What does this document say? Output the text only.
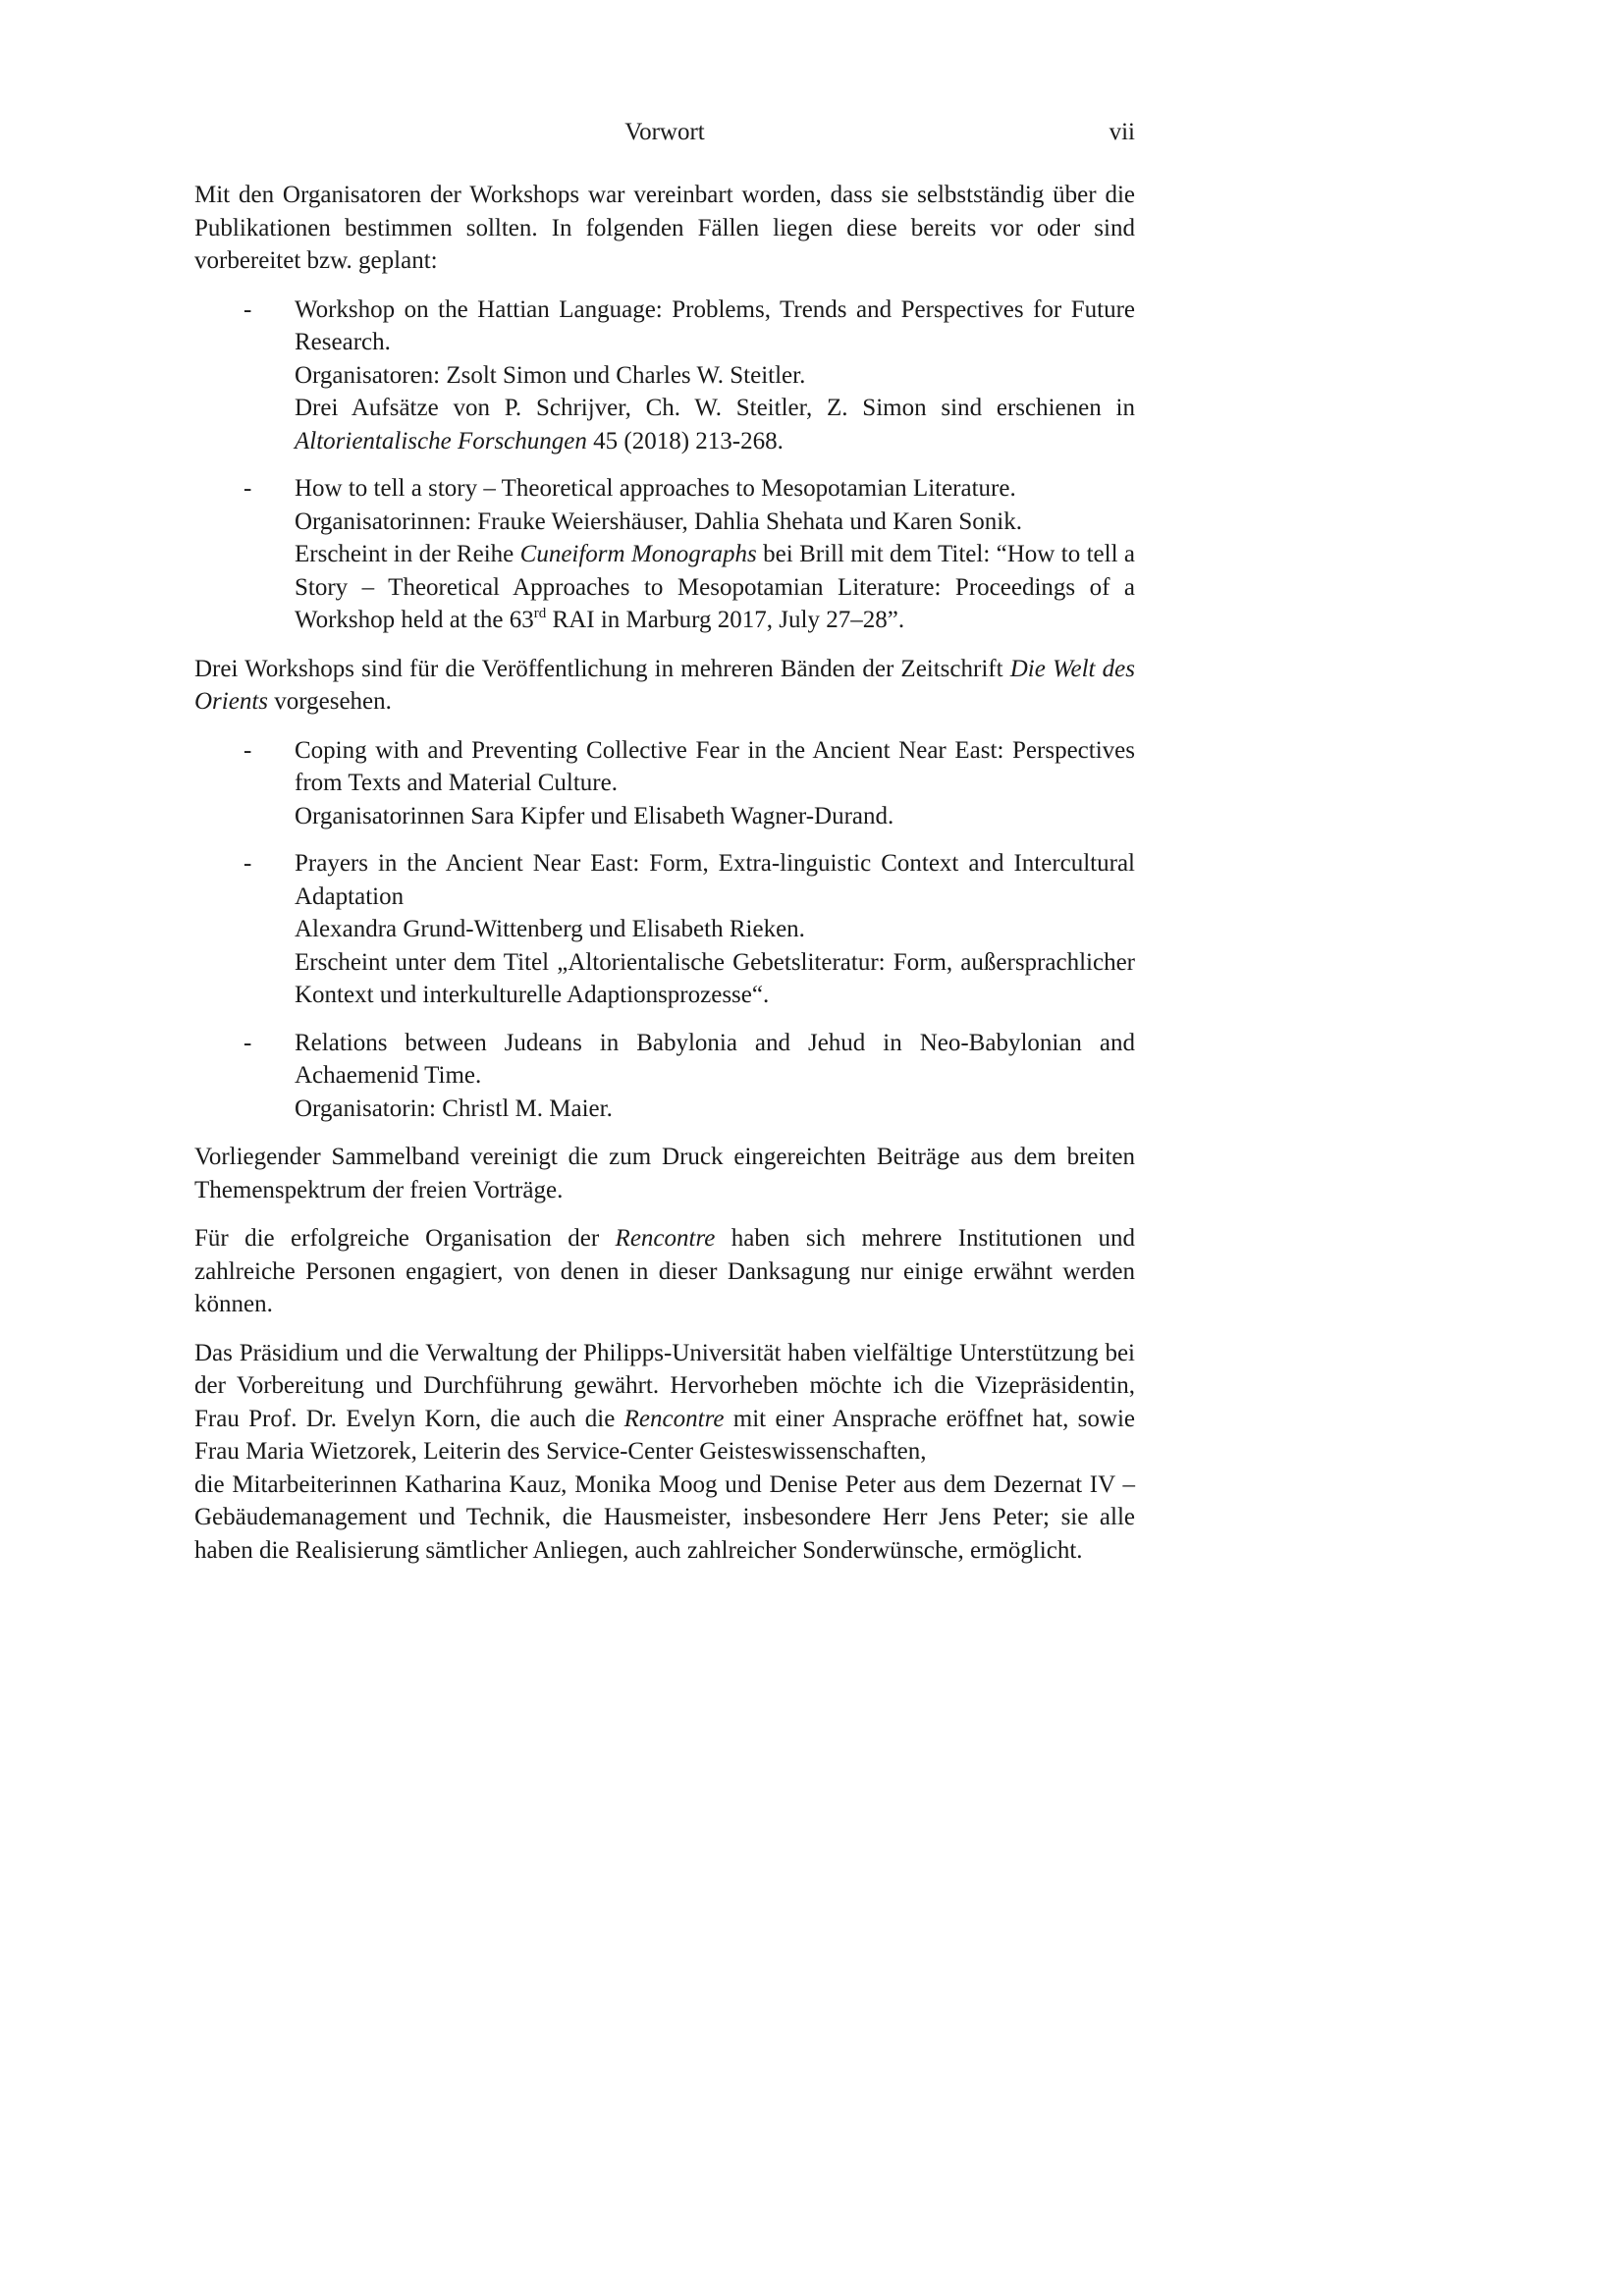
Vorwort	vii

Mit den Organisatoren der Workshops war vereinbart worden, dass sie selbstständig über die Publikationen bestimmen sollten. In folgenden Fällen liegen diese bereits vor oder sind vorbereitet bzw. geplant:

- Workshop on the Hattian Language: Problems, Trends and Perspectives for Future Research.
Organisatoren: Zsolt Simon und Charles W. Steitler.
Drei Aufsätze von P. Schrijver, Ch. W. Steitler, Z. Simon sind erschienen in Altorientalische Forschungen 45 (2018) 213-268.
- How to tell a story – Theoretical approaches to Mesopotamian Literature.
Organisatorinnen: Frauke Weiershäuser, Dahlia Shehata und Karen Sonik.
Erscheint in der Reihe Cuneiform Monographs bei Brill mit dem Titel: “How to tell a Story – Theoretical Approaches to Mesopotamian Literature: Proceedings of a Workshop held at the 63rd RAI in Marburg 2017, July 27–28”.

Drei Workshops sind für die Veröffentlichung in mehreren Bänden der Zeitschrift Die Welt des Orients vorgesehen.

- Coping with and Preventing Collective Fear in the Ancient Near East: Perspectives from Texts and Material Culture.
Organisatorinnen Sara Kipfer und Elisabeth Wagner-Durand.
- Prayers in the Ancient Near East: Form, Extra-linguistic Context and Intercultural Adaptation
Alexandra Grund-Wittenberg und Elisabeth Rieken.
Erscheint unter dem Titel „Altorientalische Gebetsliteratur: Form, außersprachlicher Kontext und interkulturelle Adaptionsprozesse“.
- Relations between Judeans in Babylonia and Jehud in Neo-Babylonian and Achaemenid Time.
Organisatorin: Christl M. Maier.

Vorliegender Sammelband vereinigt die zum Druck eingereichten Beiträge aus dem breiten Themenspektrum der freien Vorträge.

Für die erfolgreiche Organisation der Rencontre haben sich mehrere Institutionen und zahlreiche Personen engagiert, von denen in dieser Danksagung nur einige erwähnt werden können.

Das Präsidium und die Verwaltung der Philipps-Universität haben vielfältige Unterstützung bei der Vorbereitung und Durchführung gewährt. Hervorheben möchte ich die Vizepräsidentin, Frau Prof. Dr. Evelyn Korn, die auch die Rencontre mit einer Ansprache eröffnet hat, sowie Frau Maria Wietzorek, Leiterin des Service-Center Geisteswissenschaften,

die Mitarbeiterinnen Katharina Kauz, Monika Moog und Denise Peter aus dem Dezernat IV – Gebäudemanagement und Technik, die Hausmeister, insbesondere Herr Jens Peter; sie alle haben die Realisierung sämtlicher Anliegen, auch zahlreicher Sonderwünsche, ermöglicht.
